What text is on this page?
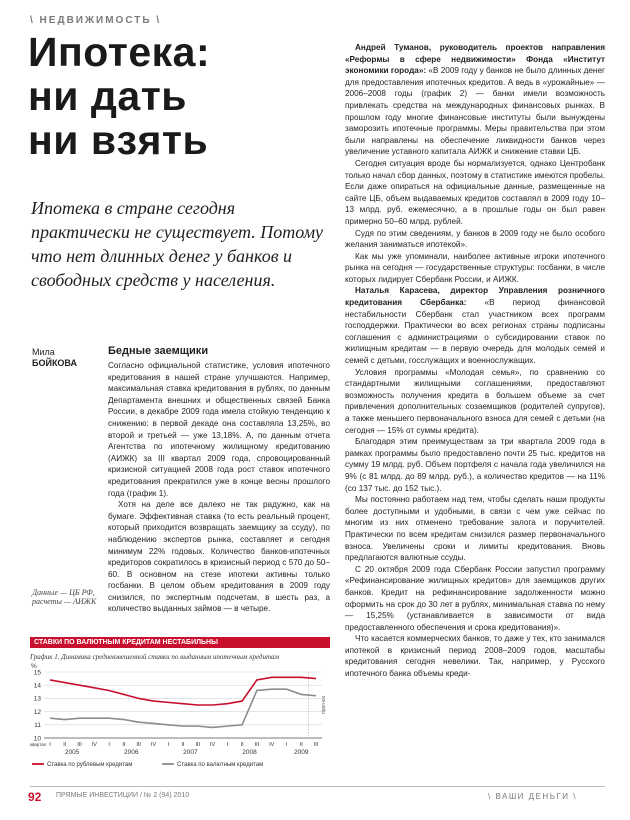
\ НЕДВИЖИМОСТЬ \
Ипотека:
ни дать
ни взять
Ипотека в стране сегодня практически не существует. Потому что нет длинных денег у банков и свободных средств у населения.
Мила
БОЙКОВА
Данные — ЦБ РФ, расчеты — АИЖК
Бедные заемщики

Согласно официальной статистике, условия ипотечного кредитования в нашей стране улучшаются. Например, максимальная ставка кредитования в рублях, по данным Департамента внешних и общественных связей Банка России, в декабре 2009 года имела стойкую тенденцию к снижению: в первой декаде она составляла 13,25%, во второй и третьей — уже 13,18%. А, по данным отчета Агентства по ипотечному жилищному кредитованию (АИЖК) за III квартал 2009 года, спровоцированный кризисной ситуацией 2008 года рост ставок ипотечного кредитования прекратился уже в конце весны прошлого года (график 1).

Хотя на деле все далеко не так радужно, как на бумаге. Эффективная ставка (то есть реальный процент, который приходится возвращать заемщику за ссуду), по наблюдению экспертов рынка, составляет и сегодня минимум 22% годовых. Количество банков-ипотечных кредиторов сократилось в кризисный период с 570 до 50–60. В основном на стезе ипотеки активны только госбанки. В целом объем кредитования в 2009 году снизился, по экспертным подсчетам, в шесть раз, а количество выданных займов — в четыре.

Андрей Туманов, руководитель проектов направления «Реформы в сфере недвижимости» Фонда «Институт экономики города»: «В 2009 году у банков не было длинных денег для предоставления ипотечных кредитов. А ведь в «урожайные» — 2006–2008 годы (график 2) — банки имели возможность привлекать средства на международных финансовых рынках. В прошлом году многие финансовые институты были вынуждены заморозить ипотечные программы. Меры правительства при этом были направлены на обеспечение ликвидности банков через увеличение уставного капитала АИЖК и снижение ставки ЦБ.

Сегодня ситуация вроде бы нормализуется, однако Центробанк только начал сбор данных, поэтому в статистике имеются пробелы. Если даже опираться на официальные данные, размещенные на сайте ЦБ, объем выдаваемых кредитов составлял в 2009 году 10–13 млрд. руб. ежемесячно, а в прошлые годы он был равен примерно 50–60 млрд. рублей.

Судя по этим сведениям, у банков в 2009 году не было особого желания заниматься ипотекой».

Как мы уже упоминали, наиболее активные игроки ипотечного рынка на сегодня — государственные структуры: госбанки, в числе которых лидирует Сбербанк России, и АИЖК.

Наталья Карасева, директор Управления розничного кредитования Сбербанка: «В период финансовой нестабильности Сбербанк стал участником всех программ господдержки. Практически во всех регионах страны подписаны соглашения с администрациями о субсидировании ставок по жилищным кредитам — в первую очередь для молодых семей и семей с детьми, госслужащих и военнослужащих.

Условия программы «Молодая семья», по сравнению со стандартными жилищными соглашениями, предоставляют возможность получения кредита в большем объеме за счет привлечения дополнительных созаемщиков (родителей супругов), а также меньшего первоначального взноса для семей с детьми (на сегодня — 15% от суммы кредита).

Благодаря этим преимуществам за три квартала 2009 года в рамках программы было предоставлено почти 25 тыс. кредитов на сумму 19 млрд. руб. Объем портфеля с начала года увеличился на 9% (с 81 млрд. до 89 млрд. руб.), а количество кредитов — на 11% (со 137 тыс. до 152 тыс.).

Мы постоянно работаем над тем, чтобы сделать наши продукты более доступными и удобными, в связи с чем уже сейчас по многим из них отменено требование залога и поручителей. Практически по всем кредитам снизился размер первоначального взноса. Увеличены сроки и лимиты кредитования. Вновь предлагаются валютные ссуды.

С 20 октября 2009 года Сбербанк России запустил программу «Рефинансирование жилищных кредитов» для заемщиков других банков. Кредит на рефинансирование задолженности можно оформить на срок до 30 лет в рублях, минимальная ставка по нему — 15,25% (устанавливается в зависимости от вида предоставленного обеспечения и срока кредитования)».

Что касается коммерческих банков, то даже у тех, кто занимался ипотекой в кризисный период 2008–2009 годов, масштабы кредитования сегодня невелики. Так, например, у Русского ипотечного банка объемы креди-

СТАВКИ ПО ВАЛЮТНЫМ КРЕДИТАМ НЕСТАБИЛЬНЫ
График 1. Динамика средневзвешенной ставки по выданным ипотечным кредитам
%
10
11
12
13
14
15
I II III IV I II III IV I II III IV I II III IV I II III
2005	2006	2007	2008	2009
квартал
прогноз
Ставка по рублевым кредитам	Ставка по валютным кредитам
92 ПРЯМЫЕ ИНВЕСТИЦИИ / № 2 (94) 2010	\ ВАШИ ДЕНЬГИ \
